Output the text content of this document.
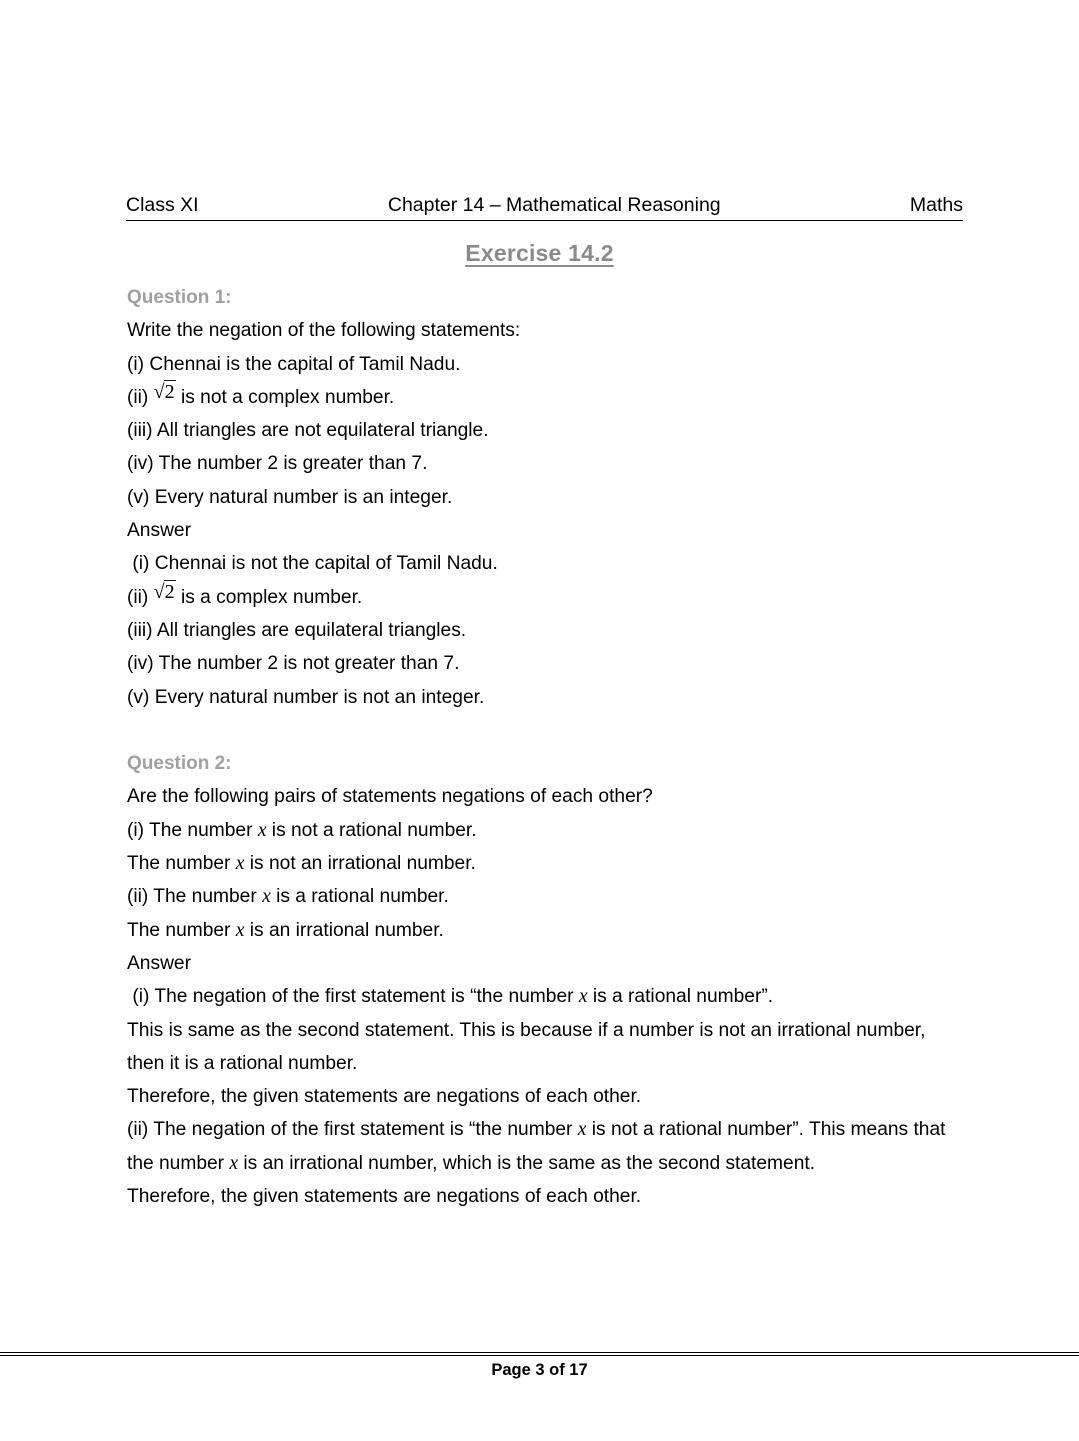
Class XI	Chapter 14 – Mathematical Reasoning	Maths
Exercise 14.2
Question 1:
Write the negation of the following statements:
(i) Chennai is the capital of Tamil Nadu.
(ii) √2 is not a complex number.
(iii) All triangles are not equilateral triangle.
(iv) The number 2 is greater than 7.
(v) Every natural number is an integer.
Answer
(i) Chennai is not the capital of Tamil Nadu.
(ii) √2 is a complex number.
(iii) All triangles are equilateral triangles.
(iv) The number 2 is not greater than 7.
(v) Every natural number is not an integer.
Question 2:
Are the following pairs of statements negations of each other?
(i) The number x is not a rational number.
The number x is not an irrational number.
(ii) The number x is a rational number.
The number x is an irrational number.
Answer
(i) The negation of the first statement is “the number x is a rational number”.
This is same as the second statement. This is because if a number is not an irrational number, then it is a rational number.
Therefore, the given statements are negations of each other.
(ii) The negation of the first statement is “the number x is not a rational number”. This means that the number x is an irrational number, which is the same as the second statement.
Therefore, the given statements are negations of each other.
Page 3 of 17
